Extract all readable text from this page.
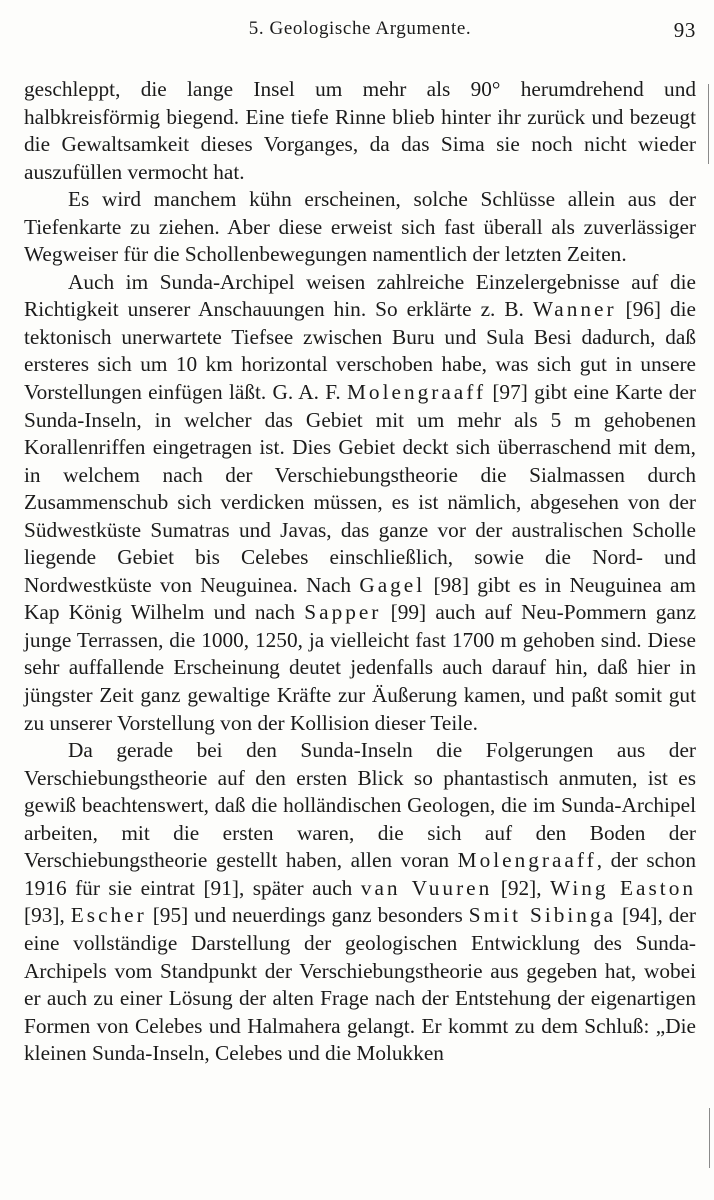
5. Geologische Argumente.	93

geschleppt, die lange Insel um mehr als 90° herumdrehend und halbkreisförmig biegend. Eine tiefe Rinne blieb hinter ihr zurück und bezeugt die Gewaltsamkeit dieses Vorganges, da das Sima sie noch nicht wieder auszufüllen vermocht hat.

Es wird manchem kühn erscheinen, solche Schlüsse allein aus der Tiefenkarte zu ziehen. Aber diese erweist sich fast überall als zuverlässiger Wegweiser für die Schollenbewegungen namentlich der letzten Zeiten.

Auch im Sunda-Archipel weisen zahlreiche Einzelergebnisse auf die Richtigkeit unserer Anschauungen hin. So erklärte z. B. Wanner [96] die tektonisch unerwartete Tiefsee zwischen Buru und Sula Besi dadurch, daß ersteres sich um 10 km horizontal verschoben habe, was sich gut in unsere Vorstellungen einfügen läßt. G. A. F. Molengraaff [97] gibt eine Karte der Sunda-Inseln, in welcher das Gebiet mit um mehr als 5 m gehobenen Korallenriffen eingetragen ist. Dies Gebiet deckt sich überraschend mit dem, in welchem nach der Verschiebungstheorie die Sialmassen durch Zusammenschub sich verdicken müssen, es ist nämlich, abgesehen von der Südwestküste Sumatras und Javas, das ganze vor der australischen Scholle liegende Gebiet bis Celebes einschließlich, sowie die Nord- und Nordwestküste von Neuguinea. Nach Gagel [98] gibt es in Neuguinea am Kap König Wilhelm und nach Sapper [99] auch auf Neu-Pommern ganz junge Terrassen, die 1000, 1250, ja vielleicht fast 1700 m gehoben sind. Diese sehr auffallende Erscheinung deutet jedenfalls auch darauf hin, daß hier in jüngster Zeit ganz gewaltige Kräfte zur Äußerung kamen, und paßt somit gut zu unserer Vorstellung von der Kollision dieser Teile.

Da gerade bei den Sunda-Inseln die Folgerungen aus der Verschiebungstheorie auf den ersten Blick so phantastisch anmuten, ist es gewiß beachtenswert, daß die holländischen Geologen, die im Sunda-Archipel arbeiten, mit die ersten waren, die sich auf den Boden der Verschiebungstheorie gestellt haben, allen voran Molengraaff, der schon 1916 für sie eintrat [91], später auch van Vuuren [92], Wing Easton [93], Escher [95] und neuerdings ganz besonders Smit Sibinga [94], der eine vollständige Darstellung der geologischen Entwicklung des Sunda-Archipels vom Standpunkt der Verschiebungstheorie aus gegeben hat, wobei er auch zu einer Lösung der alten Frage nach der Entstehung der eigenartigen Formen von Celebes und Halmahera gelangt. Er kommt zu dem Schluß: „Die kleinen Sunda-Inseln, Celebes und die Molukken
